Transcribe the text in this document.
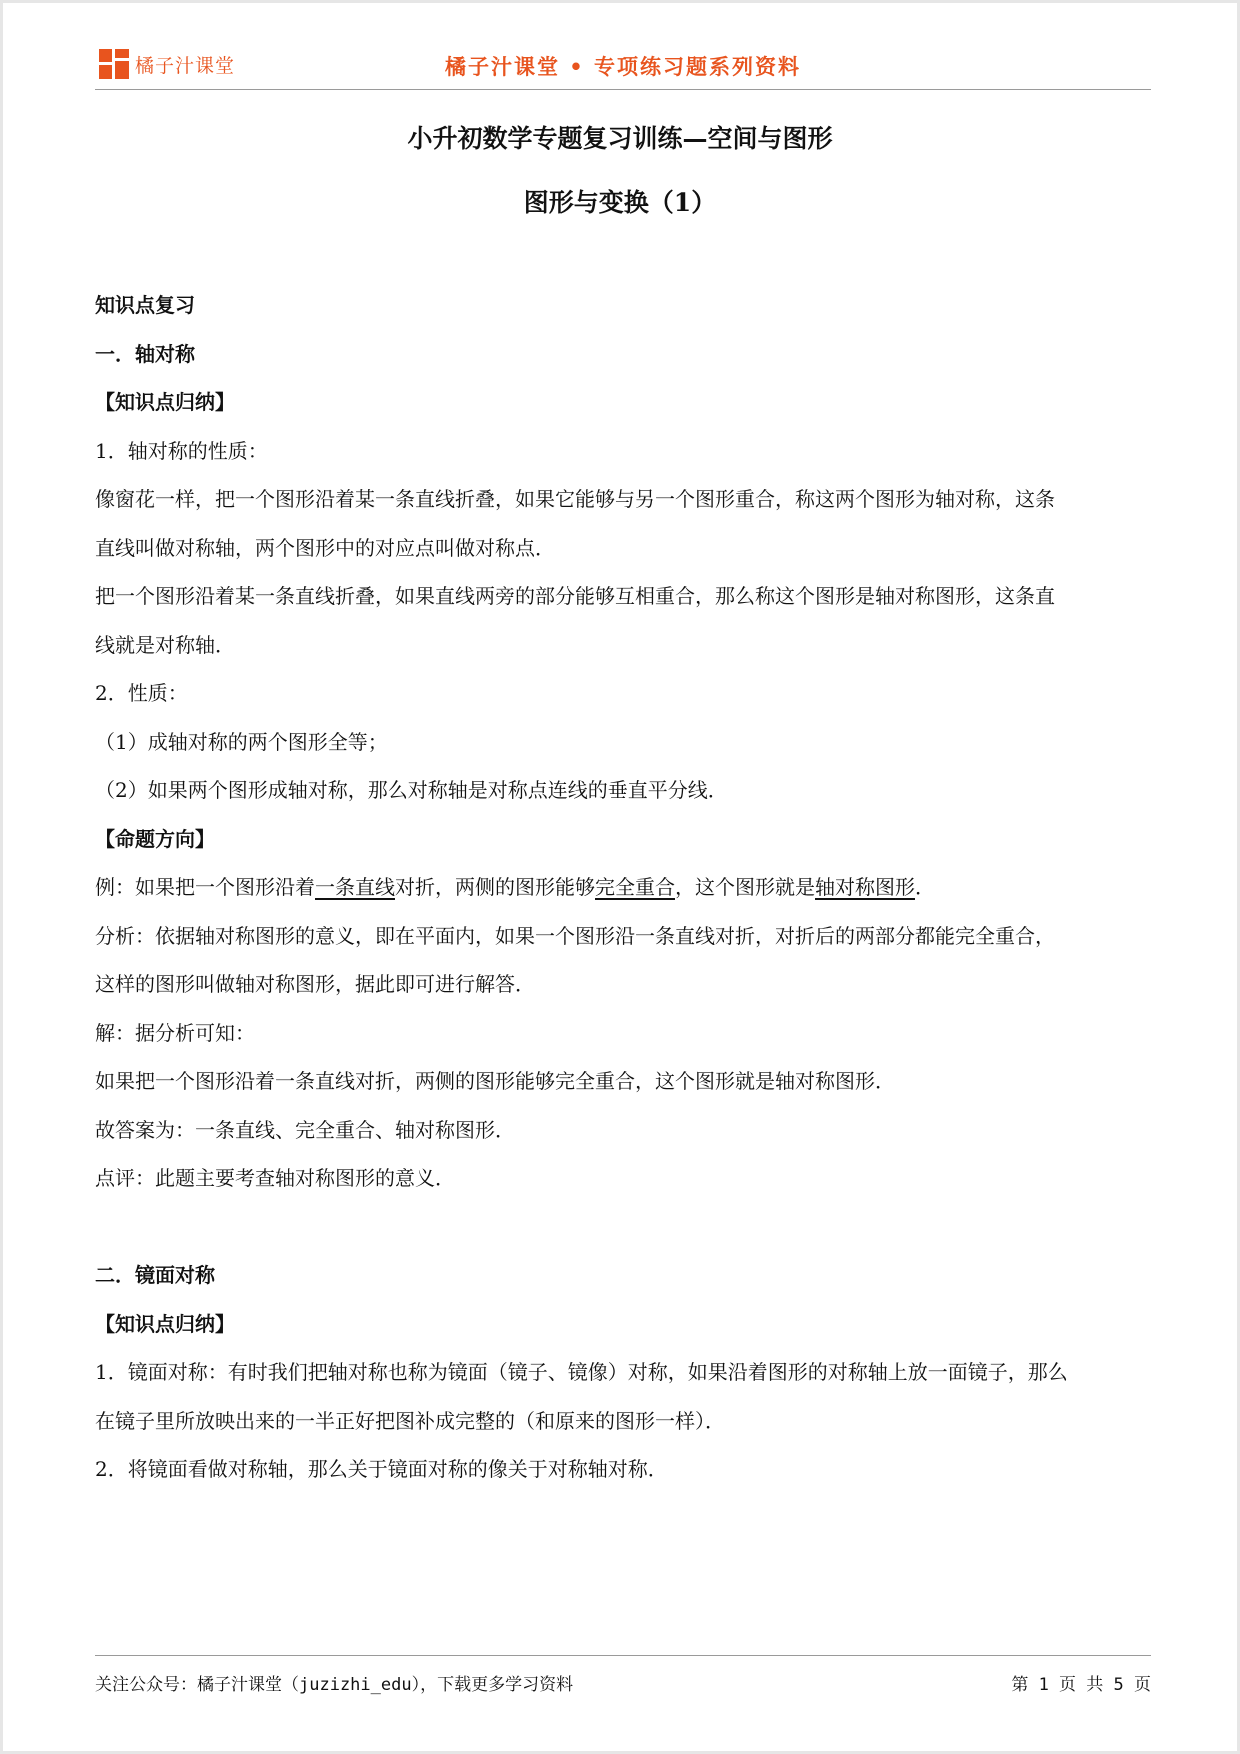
橘子汁课堂	橘子汁课堂 • 专项练习题系列资料
小升初数学专题复习训练—空间与图形
图形与变换（1）

知识点复习

一．轴对称

【知识点归纳】

1．轴对称的性质：

像窗花一样，把一个图形沿着某一条直线折叠，如果它能够与另一个图形重合，称这两个图形为轴对称，这条

直线叫做对称轴，两个图形中的对应点叫做对称点．

把一个图形沿着某一条直线折叠，如果直线两旁的部分能够互相重合，那么称这个图形是轴对称图形，这条直

线就是对称轴．

2．性质：

（1）成轴对称的两个图形全等；

（2）如果两个图形成轴对称，那么对称轴是对称点连线的垂直平分线．

【命题方向】

例：如果把一个图形沿着一条直线对折，两侧的图形能够完全重合，这个图形就是轴对称图形．

分析：依据轴对称图形的意义，即在平面内，如果一个图形沿一条直线对折，对折后的两部分都能完全重合，

这样的图形叫做轴对称图形，据此即可进行解答．

解：据分析可知：

如果把一个图形沿着一条直线对折，两侧的图形能够完全重合，这个图形就是轴对称图形．

故答案为：一条直线、完全重合、轴对称图形．

点评：此题主要考查轴对称图形的意义．

二．镜面对称

【知识点归纳】

1．镜面对称：有时我们把轴对称也称为镜面（镜子、镜像）对称，如果沿着图形的对称轴上放一面镜子，那么

在镜子里所放映出来的一半正好把图补成完整的（和原来的图形一样）．

2．将镜面看做对称轴，那么关于镜面对称的像关于对称轴对称．

关注公众号：橘子汁课堂（juzizhi_edu），下载更多学习资料	第 1 页 共 5 页
